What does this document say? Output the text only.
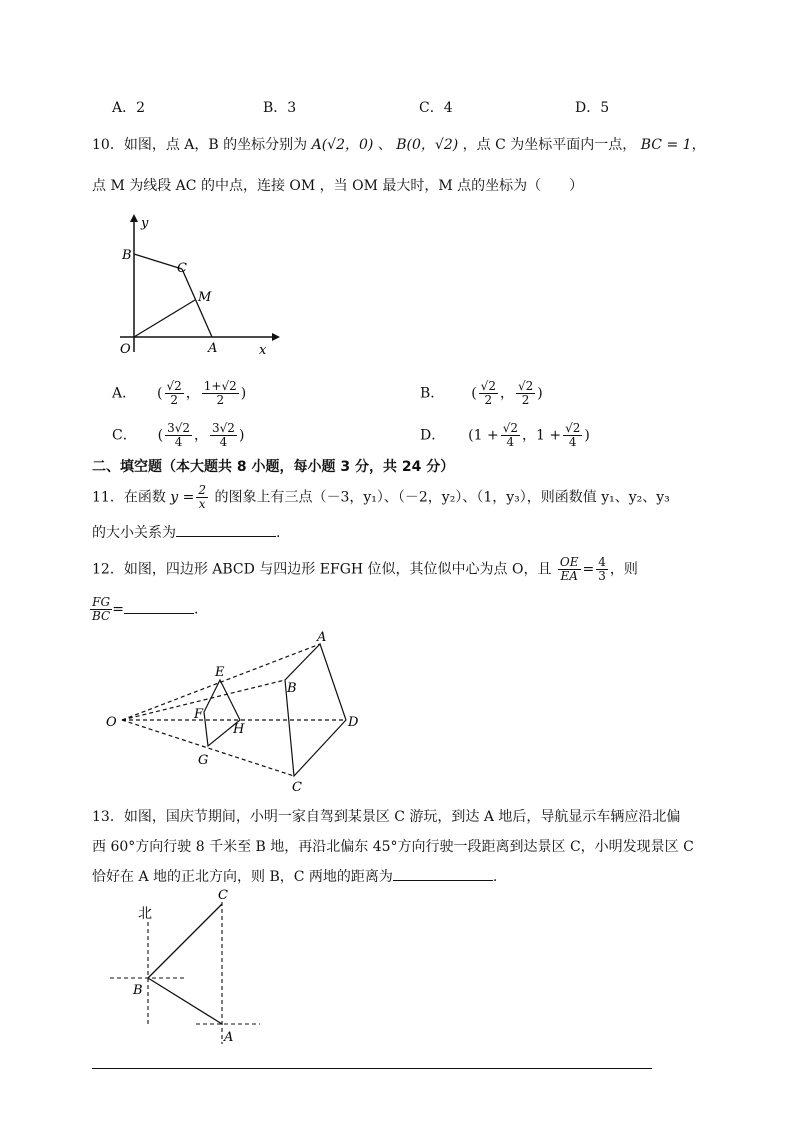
A．2	B．3	C．4	D．5
10．如图，点 A，B 的坐标分别为 A(√2，0) 、 B(0，√2) ，点 C 为坐标平面内一点， BC = 1，
点 M 为线段 AC 的中点，连接 OM ，当 OM 最大时，M 点的坐标为（　　）
y
B
C
M
O	A	x
A． ( $\frac{√2}{2}$ ， $\frac{1+√2}{2}$ )	B． ( $\frac{√2}{2}$ ， $\frac{√2}{2}$ )
C． ( $\frac{3√2}{4}$ ， $\frac{3√2}{4}$ )	D． ($1 + \frac{√2}{4}$ ，$1 + \frac{√2}{4}$ )
二、填空题（本大题共 8 小题，每小题 3 分，共 24 分）
11．在函数 $y = \frac{2}{x}$ 的图象上有三点（－3，y₁）、（－2，y₂）、（1，y₃），则函数值 y₁、y₂、y₃
的大小关系为	.
12．如图，四边形 ABCD 与四边形 EFGH 位似，其位似中心为点 O，且 $\frac{OE}{EA} = \frac{4}{3}$ ，则
$\frac{FG}{BC}$ =	.
O
E
F
H
G
A
B
D
C
13．如图，国庆节期间，小明一家自驾到某景区 C 游玩，到达 A 地后，导航显示车辆应沿北偏
西 60°方向行驶 8 千米至 B 地，再沿北偏东 45°方向行驶一段距离到达景区 C，小明发现景区 C
恰好在 A 地的正北方向，则 B，C 两地的距离为	.
北
C
B
A
